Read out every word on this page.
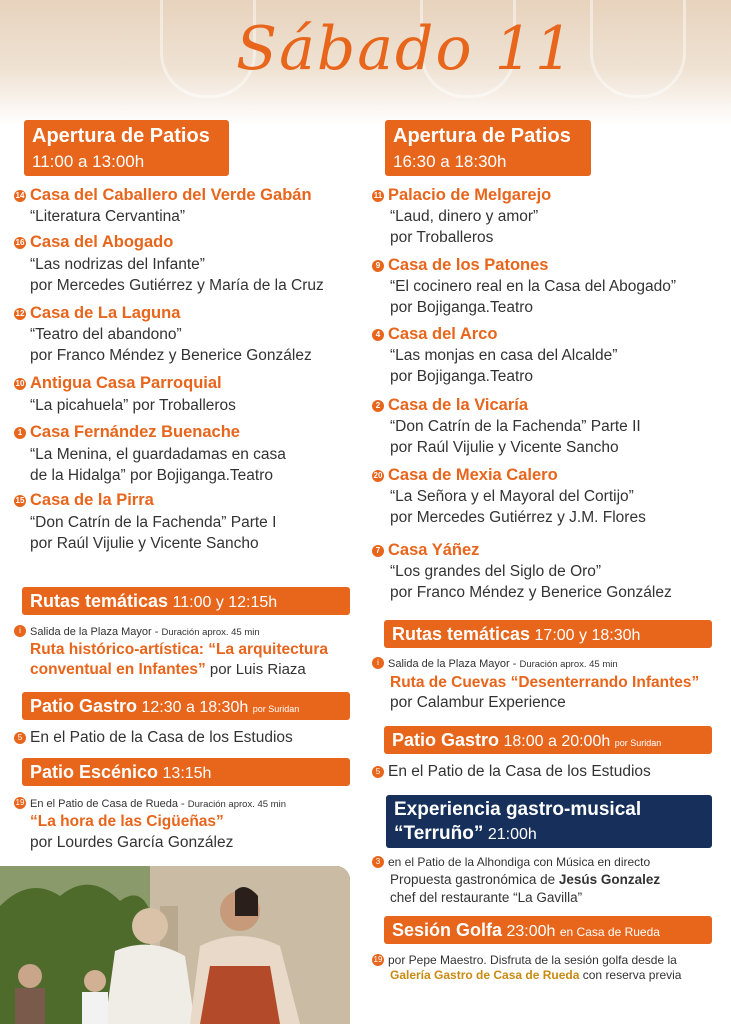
Sábado 11
Apertura de Patios
11:00 a 13:00h
14 Casa del Caballero del Verde Gabán
“Literatura Cervantina”
16 Casa del Abogado
“Las nodrizas del Infante”
por Mercedes Gutiérrez y María de la Cruz
12 Casa de La Laguna
“Teatro del abandono”
por Franco Méndez y Benerice González
10 Antigua Casa Parroquial
“La picahuela” por Troballeros
1 Casa Fernández Buenache
“La Menina, el guardadamas en casa
de la Hidalga” por Bojiganga.Teatro
15 Casa de la Pirra
“Don Catrín de la Fachenda” Parte I
por Raúl Vijulie y Vicente Sancho
Rutas temáticas 11:00 y 12:15h
i Salida de la Plaza Mayor - Duración aprox. 45 min
Ruta histórico-artística: “La arquitectura
conventual en Infantes” por Luis Riaza
Patio Gastro 12:30 a 18:30h por Suridan
5 En el Patio de la Casa de los Estudios
Patio Escénico 13:15h
19 En el Patio de Casa de Rueda - Duración aprox. 45 min
“La hora de las Cigüeñas”
por Lourdes García González
Apertura de Patios
16:30 a 18:30h
11 Palacio de Melgarejo
“Laud, dinero y amor”
por Troballeros
9 Casa de los Patones
“El cocinero real en la Casa del Abogado”
por Bojiganga.Teatro
4 Casa del Arco
“Las monjas en casa del Alcalde”
por Bojiganga.Teatro
2 Casa de la Vicaría
“Don Catrín de la Fachenda” Parte II
por Raúl Vijulie y Vicente Sancho
20 Casa de Mexia Calero
“La Señora y el Mayoral del Cortijo”
por Mercedes Gutiérrez y J.M. Flores
7 Casa Yáñez
“Los grandes del Siglo de Oro”
por Franco Méndez y Benerice González
Rutas temáticas 17:00 y 18:30h
i Salida de la Plaza Mayor - Duración aprox. 45 min
Ruta de Cuevas “Desenterrando Infantes”
por Calambur Experience
Patio Gastro 18:00 a 20:00h por Suridan
5 En el Patio de la Casa de los Estudios
Experiencia gastro-musical
“Terruño” 21:00h
3 en el Patio de la Alhondiga con Música en directo
Propuesta gastronómica de Jesús Gonzalez
chef del restaurante “La Gavilla”
Sesión Golfa 23:00h en Casa de Rueda
19 por Pepe Maestro. Disfruta de la sesión golfa desde la
Galería Gastro de Casa de Rueda con reserva previa
